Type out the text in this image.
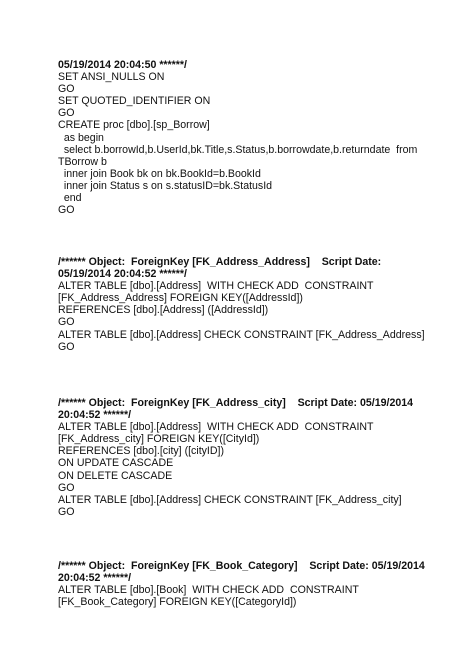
05/19/2014 20:04:50 ******/
SET ANSI_NULLS ON
GO
SET QUOTED_IDENTIFIER ON
GO
CREATE proc [dbo].[sp_Borrow]
as begin
select b.borrowId,b.UserId,bk.Title,s.Status,b.borrowdate,b.returndate  from
TBorrow b
inner join Book bk on bk.BookId=b.BookId
inner join Status s on s.statusID=bk.StatusId
end
GO
/****** Object:  ForeignKey [FK_Address_Address]    Script Date:
05/19/2014 20:04:52 ******/
ALTER TABLE [dbo].[Address]  WITH CHECK ADD  CONSTRAINT
[FK_Address_Address] FOREIGN KEY([AddressId])
REFERENCES [dbo].[Address] ([AddressId])
GO
ALTER TABLE [dbo].[Address] CHECK CONSTRAINT [FK_Address_Address]
GO
/****** Object:  ForeignKey [FK_Address_city]    Script Date: 05/19/2014
20:04:52 ******/
ALTER TABLE [dbo].[Address]  WITH CHECK ADD  CONSTRAINT
[FK_Address_city] FOREIGN KEY([CityId])
REFERENCES [dbo].[city] ([cityID])
ON UPDATE CASCADE
ON DELETE CASCADE
GO
ALTER TABLE [dbo].[Address] CHECK CONSTRAINT [FK_Address_city]
GO
/****** Object:  ForeignKey [FK_Book_Category]    Script Date: 05/19/2014
20:04:52 ******/
ALTER TABLE [dbo].[Book]  WITH CHECK ADD  CONSTRAINT
[FK_Book_Category] FOREIGN KEY([CategoryId])
